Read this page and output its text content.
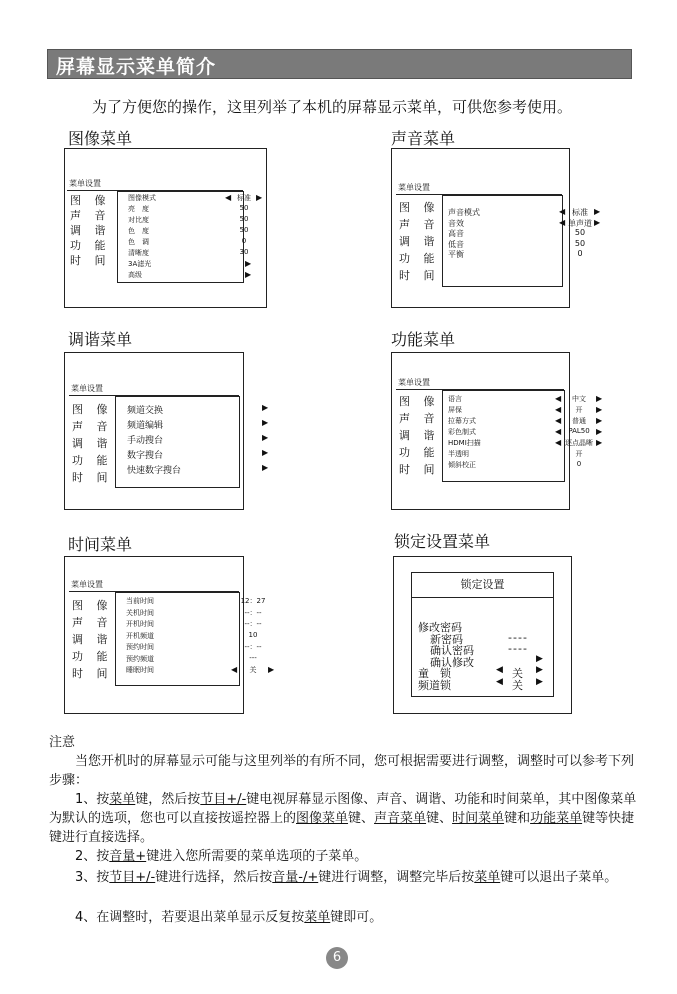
屏幕显示菜单简介
为了方便您的操作，这里列举了本机的屏幕显示菜单，可供您参考使用。
图像菜单
菜单设置
图 像
声 音
调 谐
功 能
时 间
图像模式	标准
◀	▶
亮　度	50
对比度	50
色　度	50
色　调	0
清晰度	30
3A滤光	▶
高级	▶
声音菜单
菜单设置
图 像
声 音
调 谐
功 能
时 间
声音模式	标准
◀	▶
音效	单声道
◀	▶
高音	50
低音	50
平衡	0
调谐菜单
菜单设置
图 像
声 音
调 谐
功 能
时 间
频道交换	▶
频道编辑	▶
手动搜台	▶
数字搜台	▶
快速数字搜台	▶
功能菜单
菜单设置
图 像
声 音
调 谐
功 能
时 间
语言	中文
◀	▶
屏保	开
◀	▶
拉幕方式	普通
◀	▶
彩色制式	PAL50
◀	▶
HDMI扫描	逐点晶晰
◀	▶
半透明	开
倾斜校正	0
时间菜单
菜单设置
图 像
声 音
调 谐
功 能
时 间
当前时间	12：27
关机时间	--：--
开机时间	--：--
开机频道	10
预约时间	--：--
预约频道	---
睡眠时间	关
◀	▶
锁定设置菜单
锁定设置
修改密码
新密码	----
确认密码	----
确认修改	▶
童　锁	关
◀	▶
频道锁	关
◀	▶
注意
当您开机时的屏幕显示可能与这里列举的有所不同，您可根据需要进行调整，调整时可以参考下列步骤：
1、按菜单键，然后按节目+/-键电视屏幕显示图像、声音、调谐、功能和时间菜单，其中图像菜单为默认的选项，您也可以直接按遥控器上的图像菜单键、声音菜单键、时间菜单键和功能菜单键等快捷键进行直接选择。
2、按音量+键进入您所需要的菜单选项的子菜单。
3、按节目+/-键进行选择，然后按音量-/+键进行调整，调整完毕后按菜单键可以退出子菜单。
4、在调整时，若要退出菜单显示反复按菜单键即可。
6
